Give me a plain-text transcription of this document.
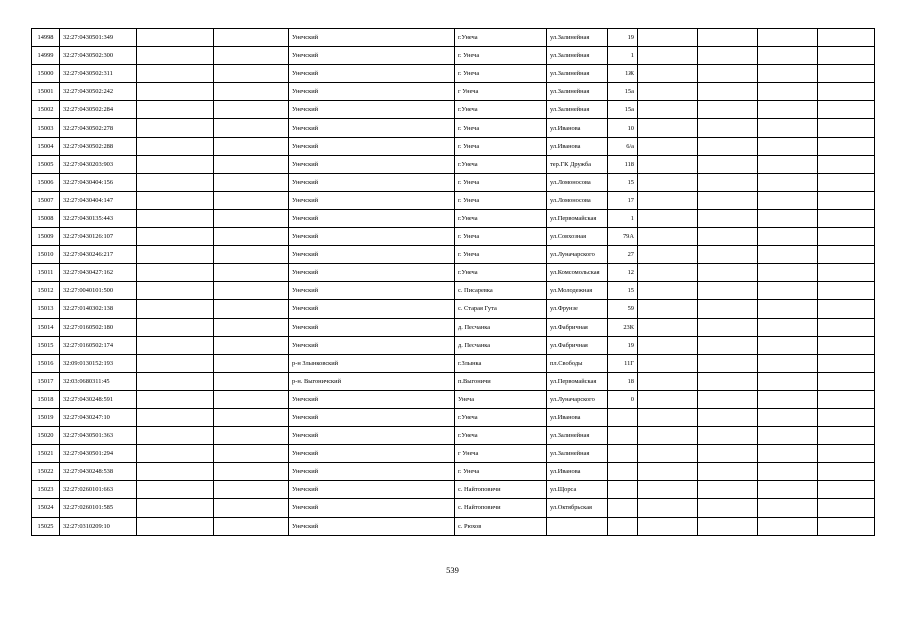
14998	32:27:0430501:349			Унечский	г.Унеча	ул.Залинейная	19				
14999	32:27:0430502:300			Унечский	г. Унеча	ул.Залинейная	1				
15000	32:27:0430502:311			Унечский	г. Унеча	ул.Залинейная	1Ж				
15001	32:27:0430502:242			Унечский	г Унеча	ул.Залинейная	15а				
15002	32:27:0430502:284			Унечский	г.Унеча	ул.Залинейная	15а				
15003	32:27:0430502:278			Унечский	г. Унеча	ул.Иванова	10				
15004	32:27:0430502:288			Унечский	г. Унеча	ул.Иванова	6/а				
15005	32:27:0430203:903			Унечский	г.Унеча	тер.ГК Дружба	118				
15006	32:27:0430404:156			Унечский	г. Унеча	ул.Ломоносова	15				
15007	32:27:0430404:147			Унечский	г. Унеча	ул.Ломоносова	17				
15008	32:27:0430135:443			Унечский	г.Унеча	ул.Первомайская	1				
15009	32:27:0430126:107			Унечский	г. Унеча	ул.Совхозная	79А				
15010	32:27:0430246:217			Унечский	г. Унеча	ул.Луначарского	27				
15011	32:27:0430427:162			Унечский	г.Унеча	ул.Комсомольская	12				
15012	32:27:0040101:500			Унечский	с. Писаревка	ул.Молодежная	15				
15013	32:27:0140302:138			Унечский	с. Старая Гута	ул.Фрунзе	59				
15014	32:27:0160502:180			Унечский	д. Песчанка	ул.Фабричная	23К				
15015	32:27:0160502:174			Унечский	д. Песчанка	ул.Фабричная	19				
15016	32:09:0130152:193			р-н Злынковский	г.Злынка	пл.Свободы	11Г				
15017	32:03:0680311:45			р-н. Выгоничский	п.Выгоничи	ул.Первомайская	18				
15018	32:27:0430248:591			Унечский	Унеча	ул.Луначарского	0				
15019	32:27:0430247:10			Унечский	г.Унеча	ул.Иванова					
15020	32:27:0430501:363			Унечский	г.Унеча	ул.Залинейная					
15021	32:27:0430501:294			Унечский	г Унеча	ул.Залинейная					
15022	32:27:0430248:538			Унечский	г. Унеча	ул.Иванова					
15023	32:27:0260101:663			Унечский	с. Найтоповичи	ул.Щорса					
15024	32:27:0260101:585			Унечский	с. Найтоповичи	ул.Октябрьская					
15025	32:27:0310209:10			Унечский	с. Рюхов						
539
